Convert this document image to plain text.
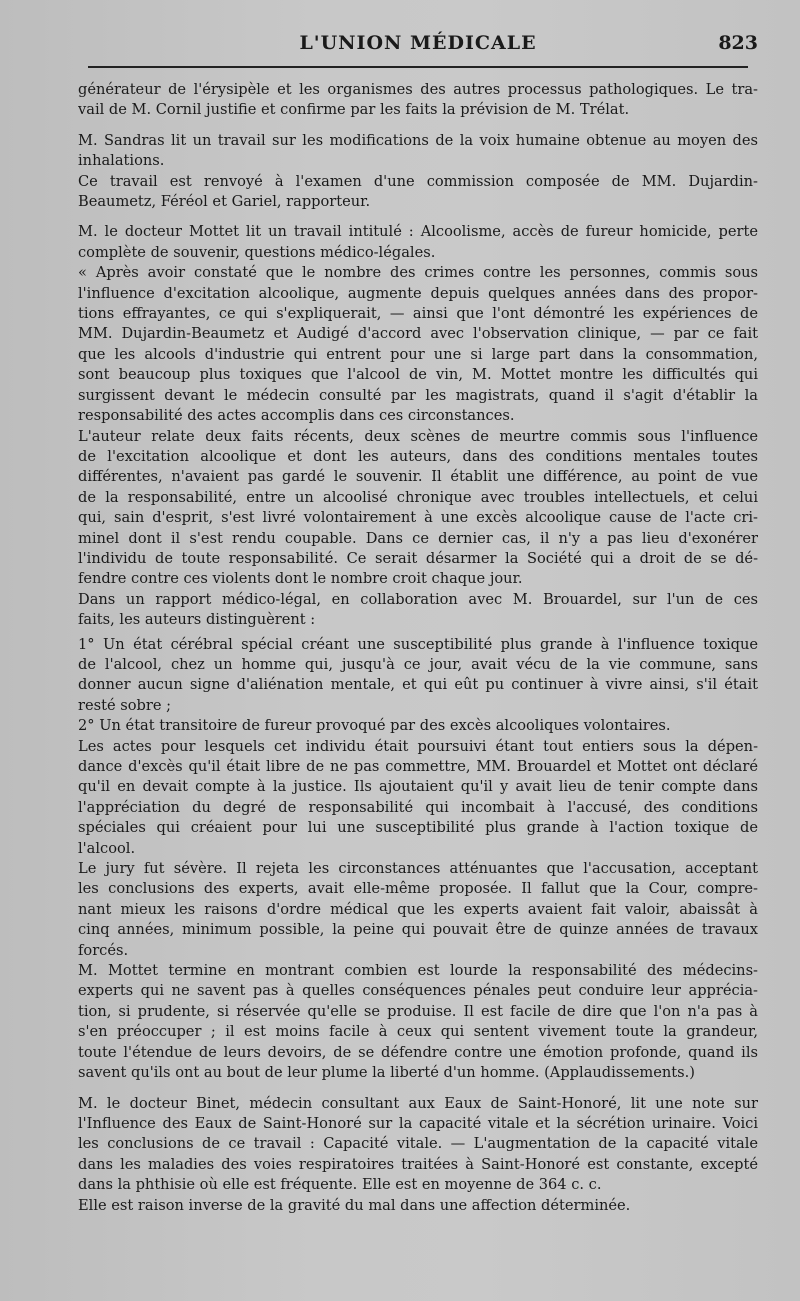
L'UNION MÉDICALE	823
générateur de l'érysipèle et les organismes des autres processus pathologiques. Le tra-
vail de M. Cornil justifie et confirme par les faits la prévision de M. Trélat.
M. Sandras lit un travail sur les modifications de la voix humaine obtenue au moyen des
inhalations.
Ce travail est renvoyé à l'examen d'une commission composée de MM. Dujardin-
Beaumetz, Féréol et Gariel, rapporteur.
M. le docteur Mottet lit un travail intitulé : Alcoolisme, accès de fureur homicide, perte
complète de souvenir, questions médico-légales.
« Après avoir constaté que le nombre des crimes contre les personnes, commis sous
l'influence d'excitation alcoolique, augmente depuis quelques années dans des propor-
tions effrayantes, ce qui s'expliquerait, — ainsi que l'ont démontré les expériences de
MM. Dujardin-Beaumetz et Audigé d'accord avec l'observation clinique, — par ce fait
que les alcools d'industrie qui entrent pour une si large part dans la consommation,
sont beaucoup plus toxiques que l'alcool de vin, M. Mottet montre les difficultés qui
surgissent devant le médecin consulté par les magistrats, quand il s'agit d'établir la
responsabilité des actes accomplis dans ces circonstances.
L'auteur relate deux faits récents, deux scènes de meurtre commis sous l'influence
de l'excitation alcoolique et dont les auteurs, dans des conditions mentales toutes
différentes, n'avaient pas gardé le souvenir. Il établit une différence, au point de vue
de la responsabilité, entre un alcoolisé chronique avec troubles intellectuels, et celui
qui, sain d'esprit, s'est livré volontairement à une excès alcoolique cause de l'acte cri-
minel dont il s'est rendu coupable. Dans ce dernier cas, il n'y a pas lieu d'exonérer
l'individu de toute responsabilité. Ce serait désarmer la Société qui a droit de se dé-
fendre contre ces violents dont le nombre croit chaque jour.
Dans un rapport médico-légal, en collaboration avec M. Brouardel, sur l'un de ces
faits, les auteurs distinguèrent :
1° Un état cérébral spécial créant une susceptibilité plus grande à l'influence toxique
de l'alcool, chez un homme qui, jusqu'à ce jour, avait vécu de la vie commune, sans
donner aucun signe d'aliénation mentale, et qui eût pu continuer à vivre ainsi, s'il était
resté sobre ;
2° Un état transitoire de fureur provoqué par des excès alcooliques volontaires.
Les actes pour lesquels cet individu était poursuivi étant tout entiers sous la dépen-
dance d'excès qu'il était libre de ne pas commettre, MM. Brouardel et Mottet ont déclaré
qu'il en devait compte à la justice. Ils ajoutaient qu'il y avait lieu de tenir compte dans
l'appréciation du degré de responsabilité qui incombait à l'accusé, des conditions
spéciales qui créaient pour lui une susceptibilité plus grande à l'action toxique de
l'alcool.
Le jury fut sévère. Il rejeta les circonstances atténuantes que l'accusation, acceptant
les conclusions des experts, avait elle-même proposée. Il fallut que la Cour, compre-
nant mieux les raisons d'ordre médical que les experts avaient fait valoir, abaissât à
cinq années, minimum possible, la peine qui pouvait être de quinze années de travaux
forcés.
M. Mottet termine en montrant combien est lourde la responsabilité des médecins-
experts qui ne savent pas à quelles conséquences pénales peut conduire leur apprécia-
tion, si prudente, si réservée qu'elle se produise. Il est facile de dire que l'on n'a pas à
s'en préoccuper ; il est moins facile à ceux qui sentent vivement toute la grandeur,
toute l'étendue de leurs devoirs, de se défendre contre une émotion profonde, quand ils
savent qu'ils ont au bout de leur plume la liberté d'un homme. (Applaudissements.)
M. le docteur Binet, médecin consultant aux Eaux de Saint-Honoré, lit une note sur
l'Influence des Eaux de Saint-Honoré sur la capacité vitale et la sécrétion urinaire. Voici
les conclusions de ce travail : Capacité vitale. — L'augmentation de la capacité vitale
dans les maladies des voies respiratoires traitées à Saint-Honoré est constante, excepté
dans la phthisie où elle est fréquente. Elle est en moyenne de 364 c. c.
Elle est raison inverse de la gravité du mal dans une affection déterminée.
